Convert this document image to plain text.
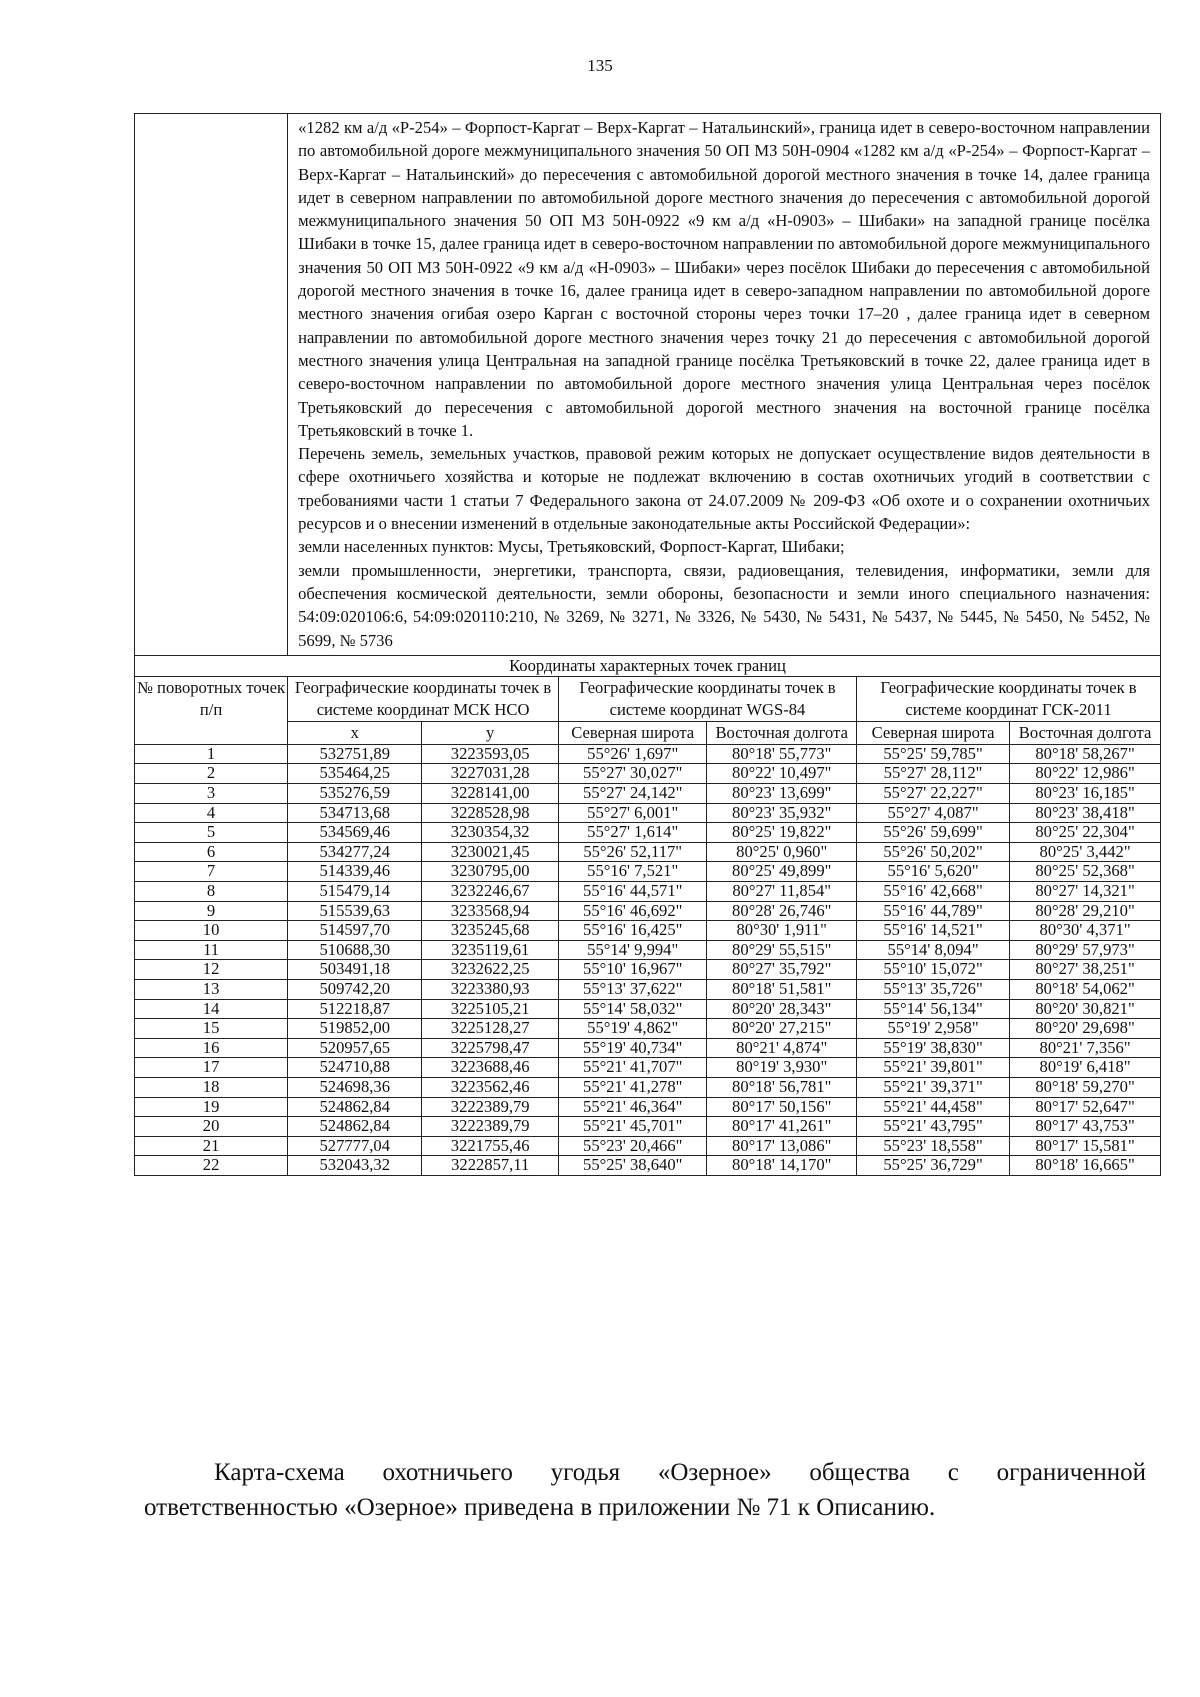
135

	«1282 км а/д «Р-254» – Форпост-Каргат – Верх-Каргат – Натальинский», граница идет в северо-восточном направлении по автомобильной дороге межмуниципального значения 50 ОП МЗ 50Н-0904 «1282 км а/д «Р-254» – Форпост-Каргат – Верх-Каргат – Натальинский» до пересечения с автомобильной дорогой местного значения в точке 14, далее граница идет в северном направлении по автомобильной дороге местного значения до пересечения с автомобильной дорогой межмуниципального значения 50 ОП МЗ 50Н-0922 «9 км а/д «Н-0903» – Шибаки» на западной границе посёлка Шибаки в точке 15, далее граница идет в северо-восточном направлении по автомобильной дороге межмуниципального значения 50 ОП МЗ 50Н-0922 «9 км а/д «Н-0903» – Шибаки» через посёлок Шибаки до пересечения с автомобильной дорогой местного значения в точке 16, далее граница идет в северо-западном направлении по автомобильной дороге местного значения огибая озеро Карган с восточной стороны через точки 17–20 , далее граница идет в северном направлении по автомобильной дороге местного значения через точку 21 до пересечения с автомобильной дорогой местного значения улица Центральная на западной границе посёлка Третьяковский в точке 22, далее граница идет в северо-восточном направлении по автомобильной дороге местного значения улица Центральная через посёлок Третьяковский до пересечения с автомобильной дорогой местного значения на восточной границе посёлка Третьяковский в точке 1.

Перечень земель, земельных участков, правовой режим которых не допускает осуществление видов деятельности в сфере охотничьего хозяйства и которые не подлежат включению в состав охотничьих угодий в соответствии с требованиями части 1 статьи 7 Федерального закона от 24.07.2009 № 209-ФЗ «Об охоте и о сохранении охотничьих ресурсов и о внесении изменений в отдельные законодательные акты Российской Федерации»:

земли населенных пунктов: Мусы, Третьяковский, Форпост-Каргат, Шибаки;

земли промышленности, энергетики, транспорта, связи, радиовещания, телевидения, информатики, земли для обеспечения космической деятельности, земли обороны, безопасности и земли иного специального назначения: 54:09:020106:6, 54:09:020110:210, № 3269, № 3271, № 3326, № 5430, № 5431, № 5437, № 5445, № 5450, № 5452, № 5699, № 5736					

Координаты характерных точек границ						
№ поворотных точек п/п	Географические координаты точек в системе координат МСК НСО		Географические координаты точек в системе координат WGS-84		Географические координаты точек в системе координат ГСК-2011	
	х	у	Северная широта	Восточная долгота	Северная широта	Восточная долгота
1	532751,89	3223593,05	55°26' 1,697"	80°18' 55,773"	55°25' 59,785"	80°18' 58,267"
2	535464,25	3227031,28	55°27' 30,027"	80°22' 10,497"	55°27' 28,112"	80°22' 12,986"
3	535276,59	3228141,00	55°27' 24,142"	80°23' 13,699"	55°27' 22,227"	80°23' 16,185"
4	534713,68	3228528,98	55°27' 6,001"	80°23' 35,932"	55°27' 4,087"	80°23' 38,418"
5	534569,46	3230354,32	55°27' 1,614"	80°25' 19,822"	55°26' 59,699"	80°25' 22,304"
6	534277,24	3230021,45	55°26' 52,117"	80°25' 0,960"	55°26' 50,202"	80°25' 3,442"
7	514339,46	3230795,00	55°16' 7,521"	80°25' 49,899"	55°16' 5,620"	80°25' 52,368"
8	515479,14	3232246,67	55°16' 44,571"	80°27' 11,854"	55°16' 42,668"	80°27' 14,321"
9	515539,63	3233568,94	55°16' 46,692"	80°28' 26,746"	55°16' 44,789"	80°28' 29,210"
10	514597,70	3235245,68	55°16' 16,425"	80°30' 1,911"	55°16' 14,521"	80°30' 4,371"
11	510688,30	3235119,61	55°14' 9,994"	80°29' 55,515"	55°14' 8,094"	80°29' 57,973"
12	503491,18	3232622,25	55°10' 16,967"	80°27' 35,792"	55°10' 15,072"	80°27' 38,251"
13	509742,20	3223380,93	55°13' 37,622"	80°18' 51,581"	55°13' 35,726"	80°18' 54,062"
14	512218,87	3225105,21	55°14' 58,032"	80°20' 28,343"	55°14' 56,134"	80°20' 30,821"
15	519852,00	3225128,27	55°19' 4,862"	80°20' 27,215"	55°19' 2,958"	80°20' 29,698"
16	520957,65	3225798,47	55°19' 40,734"	80°21' 4,874"	55°19' 38,830"	80°21' 7,356"
17	524710,88	3223688,46	55°21' 41,707"	80°19' 3,930"	55°21' 39,801"	80°19' 6,418"
18	524698,36	3223562,46	55°21' 41,278"	80°18' 56,781"	55°21' 39,371"	80°18' 59,270"
19	524862,84	3222389,79	55°21' 46,364"	80°17' 50,156"	55°21' 44,458"	80°17' 52,647"
20	524862,84	3222389,79	55°21' 45,701"	80°17' 41,261"	55°21' 43,795"	80°17' 43,753"
21	527777,04	3221755,46	55°23' 20,466"	80°17' 13,086"	55°23' 18,558"	80°17' 15,581"
22	532043,32	3222857,11	55°25' 38,640"	80°18' 14,170"	55°25' 36,729"	80°18' 16,665"
Карта-схема охотничьего угодья «Озерное» общества с ограниченной ответственностью «Озерное» приведена в приложении № 71 к Описанию.
